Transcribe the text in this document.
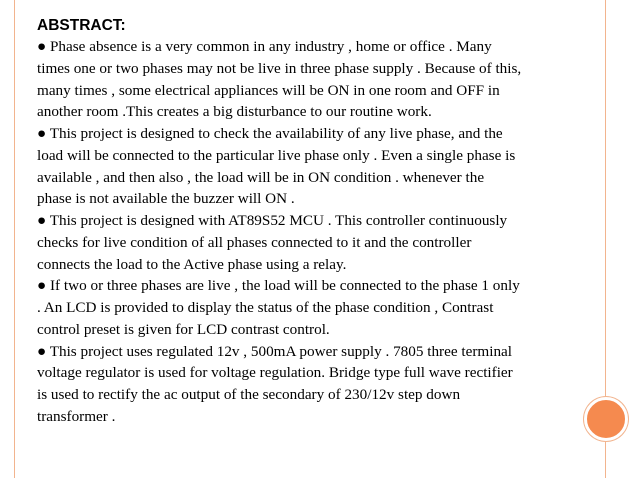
ABSTRACT:
● Phase absence is a very common in any industry , home or office . Many
times one or two phases may not be live in three phase supply . Because of this,
many times , some electrical appliances will be ON in one room and OFF in
another room .This creates a big disturbance to our routine work.
● This project is designed to check the availability of any live phase, and the
load will be connected to the particular live phase only . Even a single phase is
available , and then also , the load will be in ON condition . whenever the
phase is not available the buzzer will ON .
● This project is designed with AT89S52 MCU . This controller continuously
checks for live condition of all phases connected to it and the controller
connects the load to the Active phase using a relay.
● If two or three phases are live , the load will be connected to the phase 1 only
. An LCD is provided to display the status of the phase condition , Contrast
control preset is given for LCD contrast control.
● This project uses regulated 12v , 500mA power supply . 7805 three terminal
voltage regulator is used for voltage regulation. Bridge type full wave rectifier
is used to rectify the ac output of the secondary of 230/12v step down
transformer .
